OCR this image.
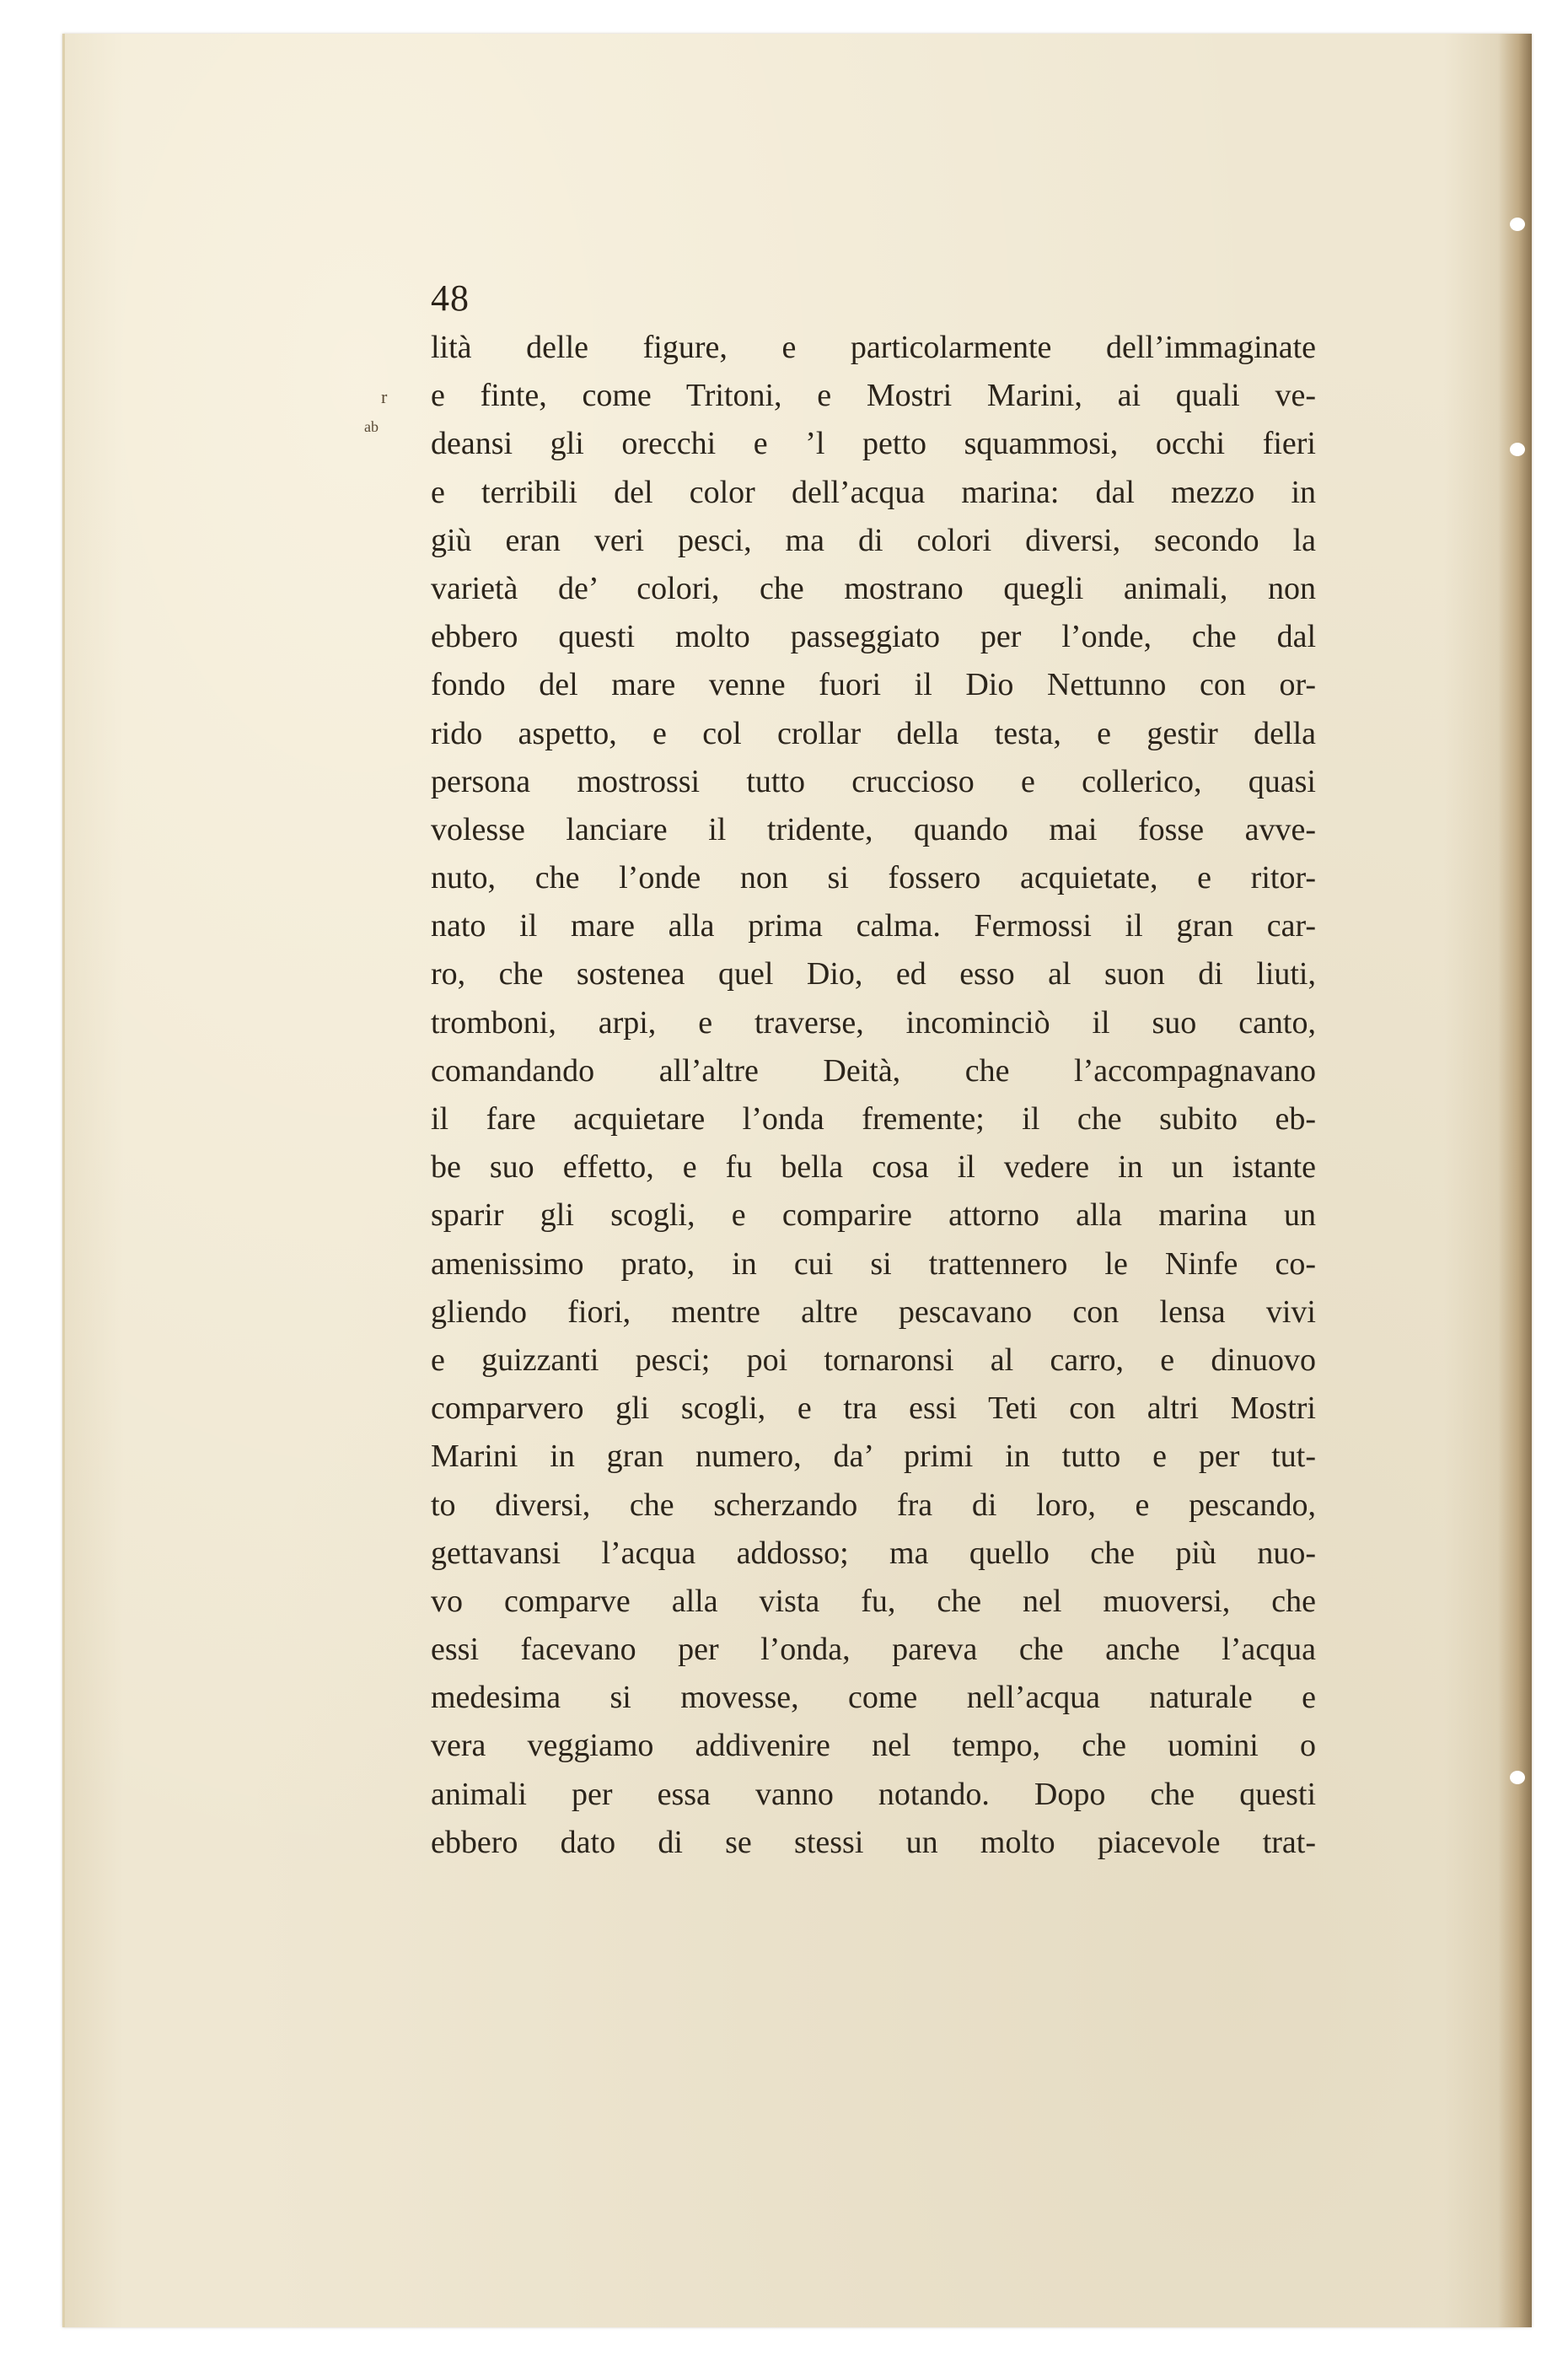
r
ab

48

lità delle figure, e particolarmente dell’immaginate
e finte, come Tritoni, e Mostri Marini, ai quali ve-
deansi gli orecchi e ’l petto squammosi, occhi fieri
e terribili del color dell’acqua marina: dal mezzo in
giù eran veri pesci, ma di colori diversi, secondo la
varietà de’ colori, che mostrano quegli animali, non
ebbero questi molto passeggiato per l’onde, che dal
fondo del mare venne fuori il Dio Nettunno con or-
rido aspetto, e col crollar della testa, e gestir della
persona mostrossi tutto cruccioso e collerico, quasi
volesse lanciare il tridente, quando mai fosse avve-
nuto, che l’onde non si fossero acquietate, e ritor-
nato il mare alla prima calma. Fermossi il gran car-
ro, che sostenea quel Dio, ed esso al suon di liuti,
tromboni, arpi, e traverse, incominciò il suo canto,
comandando all’altre Deità, che l’accompagnavano
il fare acquietare l’onda fremente; il che subito eb-
be suo effetto, e fu bella cosa il vedere in un istante
sparir gli scogli, e comparire attorno alla marina un
amenissimo prato, in cui si trattennero le Ninfe co-
gliendo fiori, mentre altre pescavano con lensa vivi
e guizzanti pesci; poi tornaronsi al carro, e dinuovo
comparvero gli scogli, e tra essi Teti con altri Mostri
Marini in gran numero, da’ primi in tutto e per tut-
to diversi, che scherzando fra di loro, e pescando,
gettavansi l’acqua addosso; ma quello che più nuo-
vo comparve alla vista fu, che nel muoversi, che
essi facevano per l’onda, pareva che anche l’acqua
medesima si movesse, come nell’acqua naturale e
vera veggiamo addivenire nel tempo, che uomini o
animali per essa vanno notando. Dopo che questi
ebbero dato di se stessi un molto piacevole trat-
